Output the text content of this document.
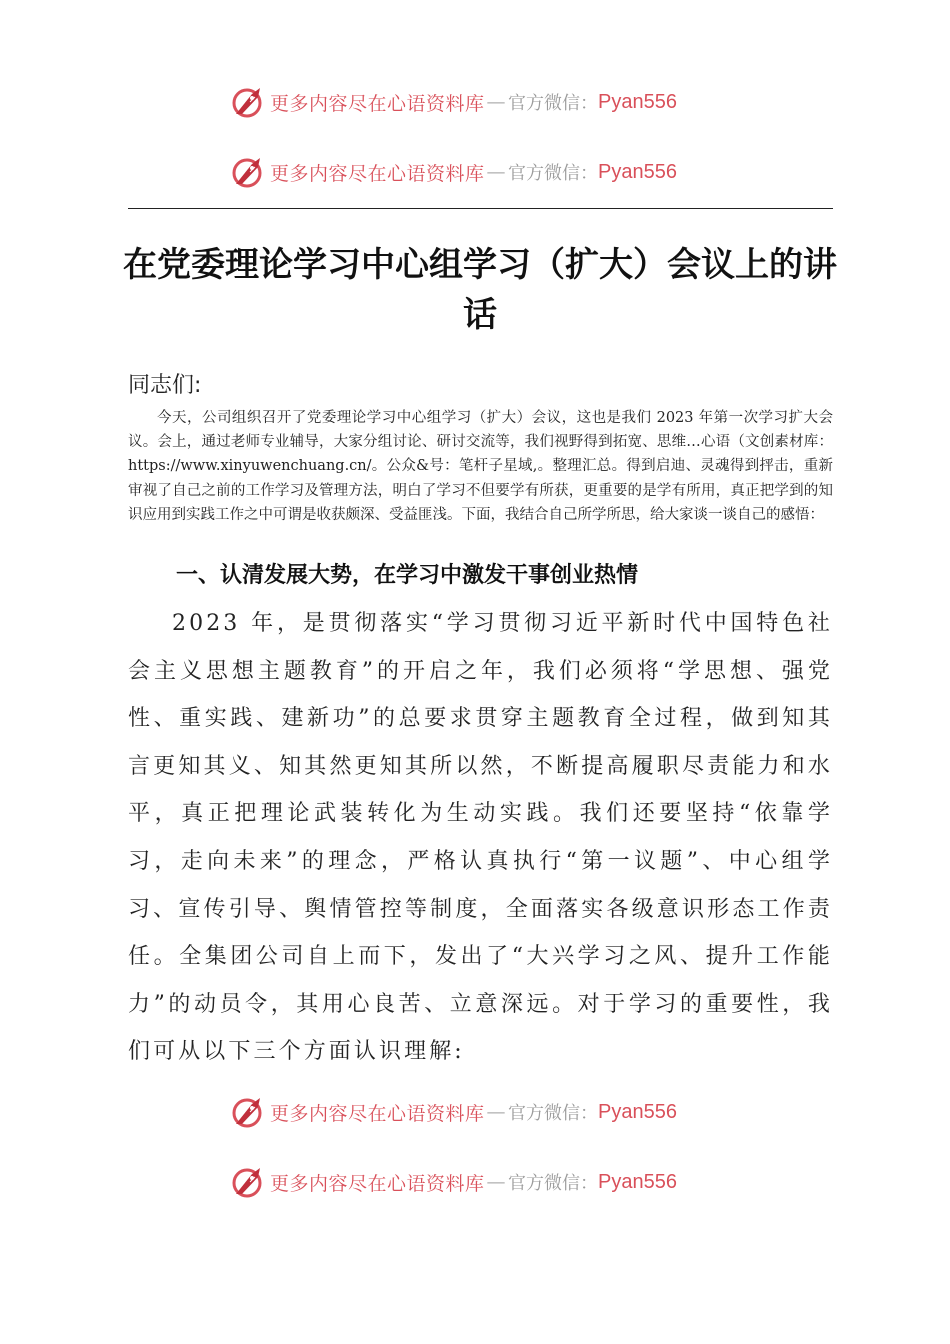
更多内容尽在心语资料库 — 官方微信： Pyan556
更多内容尽在心语资料库 — 官方微信： Pyan556
在党委理论学习中心组学习（扩大）会议上的讲话
同志们:
今天，公司组织召开了党委理论学习中心组学习（扩大）会议，这也是我们 2023 年第一次学习扩大会议。会上，通过老师专业辅导，大家分组讨论、研讨交流等，我们视野得到拓宽、思维…心语（文创素材库：https://www.xinyuwenchuang.cn/。公众&号：笔杆子星域,。整理汇总。得到启迪、灵魂得到抨击，重新审视了自己之前的工作学习及管理方法，明白了学习不但要学有所获，更重要的是学有所用，真正把学到的知识应用到实践工作之中可谓是收获颇深、受益匪浅。下面，我结合自己所学所思，给大家谈一谈自己的感悟：
一、认清发展大势，在学习中激发干事创业热情
2023 年，是贯彻落实“学习贯彻习近平新时代中国特色社会主义思想主题教育”的开启之年，我们必须将“学思想、强党性、重实践、建新功”的总要求贯穿主题教育全过程，做到知其言更知其义、知其然更知其所以然，不断提高履职尽责能力和水平，真正把理论武装转化为生动实践。我们还要坚持“依靠学习，走向未来”的理念，严格认真执行“第一议题”、中心组学习、宣传引导、舆情管控等制度，全面落实各级意识形态工作责任。全集团公司自上而下，发出了“大兴学习之风、提升工作能力”的动员令，其用心良苦、立意深远。对于学习的重要性，我们可从以下三个方面认识理解:
更多内容尽在心语资料库 — 官方微信： Pyan556
更多内容尽在心语资料库 — 官方微信： Pyan556
